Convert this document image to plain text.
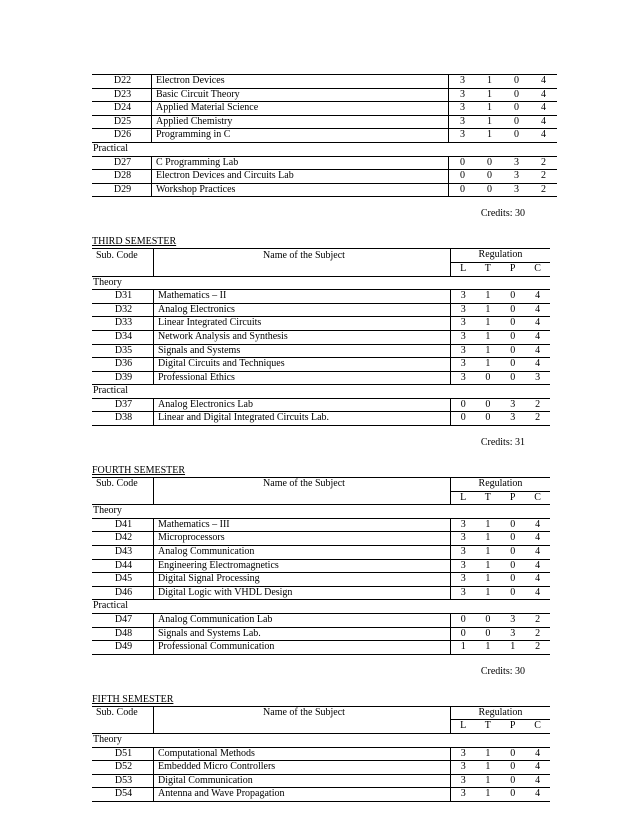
D22	Electron Devices	3	1	0	4
D23	Basic Circuit Theory	3	1	0	4
D24	Applied Material Science	3	1	0	4
D25	Applied Chemistry	3	1	0	4
D26	Programming in C	3	1	0	4
Practical					
D27	C Programming Lab	0	0	3	2
D28	Electron Devices and Circuits Lab	0	0	3	2
D29	Workshop Practices	0	0	3	2
Credits: 30
THIRD SEMESTER
Sub. Code	Name of the Subject	Regulation			
		L	T	P	C
Theory					
D31	Mathematics – II	3	1	0	4
D32	Analog Electronics	3	1	0	4
D33	Linear Integrated Circuits	3	1	0	4
D34	Network Analysis and Synthesis	3	1	0	4
D35	Signals and Systems	3	1	0	4
D36	Digital Circuits and Techniques	3	1	0	4
D39	Professional Ethics	3	0	0	3
Practical					
D37	Analog Electronics Lab	0	0	3	2
D38	Linear and Digital Integrated Circuits Lab.	0	0	3	2
Credits: 31
FOURTH SEMESTER
Sub. Code	Name of the Subject	Regulation			
		L	T	P	C
Theory					
D41	Mathematics – III	3	1	0	4
D42	Microprocessors	3	1	0	4
D43	Analog Communication	3	1	0	4
D44	Engineering Electromagnetics	3	1	0	4
D45	Digital Signal Processing	3	1	0	4
D46	Digital Logic with VHDL Design	3	1	0	4
Practical					
D47	Analog Communication Lab	0	0	3	2
D48	Signals and Systems Lab.	0	0	3	2
D49	Professional Communication	1	1	1	2
Credits: 30
FIFTH SEMESTER
Sub. Code	Name of the Subject	Regulation			
		L	T	P	C
Theory					
D51	Computational Methods	3	1	0	4
D52	Embedded Micro Controllers	3	1	0	4
D53	Digital Communication	3	1	0	4
D54	Antenna and Wave Propagation	3	1	0	4
